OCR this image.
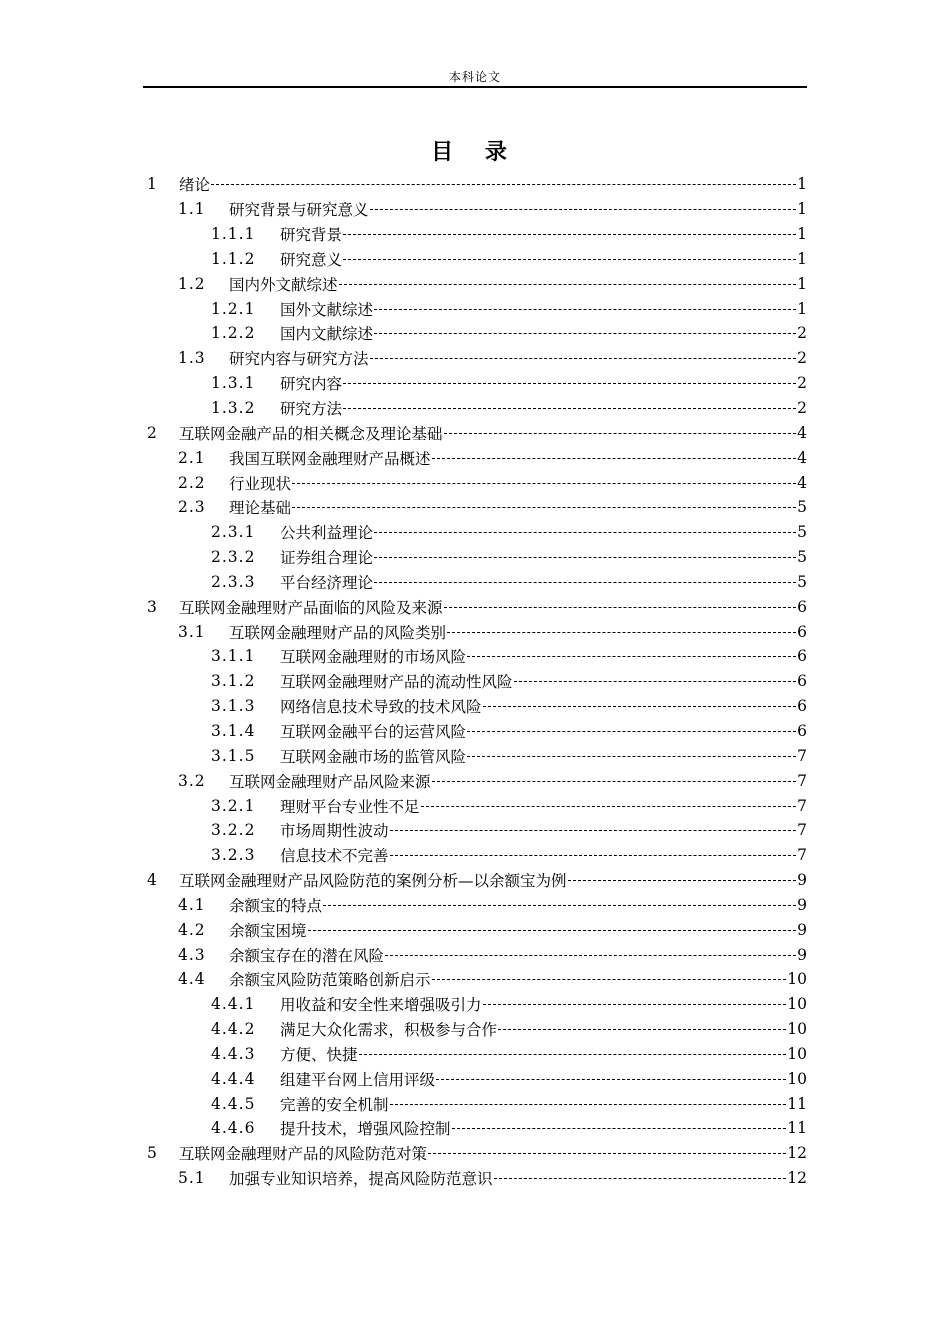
本科论文
目 录
1	绪论	1
1.1	研究背景与研究意义	1
1.1.1	研究背景	1
1.1.2	研究意义	1
1.2	国内外文献综述	1
1.2.1	国外文献综述	1
1.2.2	国内文献综述	2
1.3	研究内容与研究方法	2
1.3.1	研究内容	2
1.3.2	研究方法	2
2	互联网金融产品的相关概念及理论基础	4
2.1	我国互联网金融理财产品概述	4
2.2	行业现状	4
2.3	理论基础	5
2.3.1	公共利益理论	5
2.3.2	证券组合理论	5
2.3.3	平台经济理论	5
3	互联网金融理财产品面临的风险及来源	6
3.1	互联网金融理财产品的风险类别	6
3.1.1	互联网金融理财的市场风险	6
3.1.2	互联网金融理财产品的流动性风险	6
3.1.3	网络信息技术导致的技术风险	6
3.1.4	互联网金融平台的运营风险	6
3.1.5	互联网金融市场的监管风险	7
3.2	互联网金融理财产品风险来源	7
3.2.1	理财平台专业性不足	7
3.2.2	市场周期性波动	7
3.2.3	信息技术不完善	7
4	互联网金融理财产品风险防范的案例分析—以余额宝为例	9
4.1	余额宝的特点	9
4.2	余额宝困境	9
4.3	余额宝存在的潜在风险	9
4.4	余额宝风险防范策略创新启示	10
4.4.1	用收益和安全性来增强吸引力	10
4.4.2	满足大众化需求，积极参与合作	10
4.4.3	方便、快捷	10
4.4.4	组建平台网上信用评级	10
4.4.5	完善的安全机制	11
4.4.6	提升技术，增强风险控制	11
5	互联网金融理财产品的风险防范对策	12
5.1	加强专业知识培养，提高风险防范意识	12
